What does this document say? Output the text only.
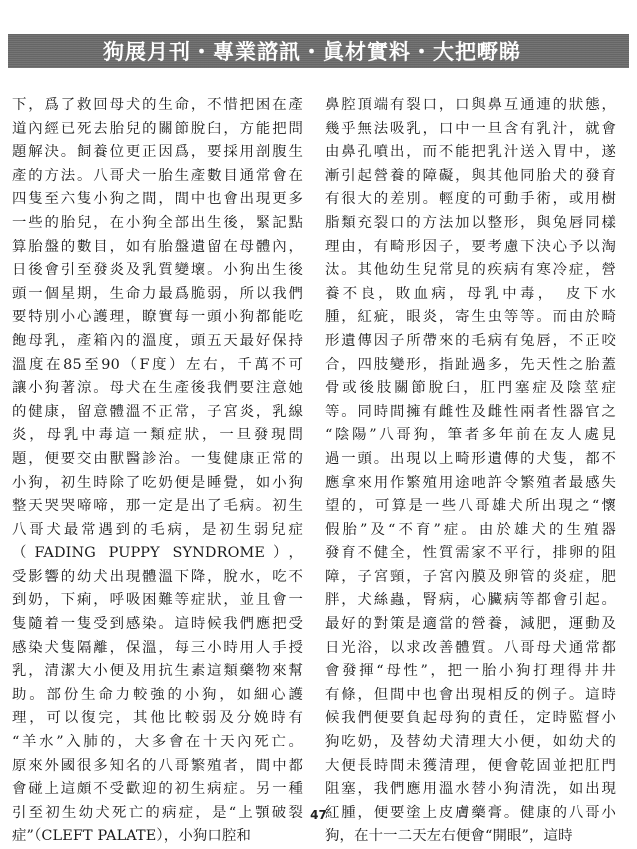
狗展月刊・專業諮訊・眞材實料・大把嘢睇
下，爲了救回母犬的生命，不惜把困在產
道內經已死去胎兒的關節脫臼，方能把問
題解決。飼養位更正因爲，要採用剖腹生
產的方法。八哥犬一胎生產數目通常會在
四隻至六隻小狗之間，間中也會出現更多
一些的胎兒，在小狗全部出生後，緊記點
算胎盤的數目，如有胎盤遺留在母體內，
日後會引至發炎及乳質變壞。小狗出生後
頭一個星期，生命力最爲脆弱，所以我們
要特別小心護理，瞭實每一頭小狗都能吃
飽母乳，產箱內的溫度，頭五天最好保持
溫度在85至90（F度）左右，千萬不可
讓小狗著涼。母犬在生產後我們要注意她
的健康，留意體溫不正常，子宮炎，乳線
炎，母乳中毒這一類症狀，一旦發現問
題，便要交由獸醫診治。一隻健康正常的
小狗，初生時除了吃奶便是睡覺，如小狗
整天哭哭啼啼，那一定是出了毛病。初生
八哥犬最常遇到的毛病，是初生弱兒症
（FADING PUPPY SYNDROME），
受影響的幼犬出現體溫下降，脫水，吃不
到奶，下痢，呼吸困難等症狀，並且會一
隻隨着一隻受到感染。這時候我們應把受
感染犬隻隔離，保溫，每三小時用人手授
乳，清潔大小便及用抗生素這類藥物來幫
助。部份生命力較強的小狗，如細心護
理，可以復完，其他比較弱及分娩時有
“羊水”入肺的，大多會在十天內死亡。
原來外國很多知名的八哥繁殖者，間中都
會碰上這頗不受歡迎的初生病症。另一種
引至初生幼犬死亡的病症，是“上顎破裂
症”（CLEFT PALATE），小狗口腔和
鼻腔頂端有裂口，口與鼻互通連的狀態，
幾乎無法吸乳，口中一旦含有乳汁，就會
由鼻孔噴出，而不能把乳汁送入胃中，遂
漸引起營養的障礙，與其他同胎犬的發育
有很大的差別。輕度的可動手術，或用樹
脂類充裂口的方法加以整形，與兔唇同樣
理由，有畸形因子，要考慮下決心予以淘
汰。其他幼生兒常見的疾病有寒冷症，營
養不良，敗血病，母乳中毒，　皮下水
腫，紅疵，眼炎，寄生虫等等。而由於畸
形遺傳因子所帶來的毛病有兔唇，不正咬
合，四肢變形，指趾過多，先天性之胎蓋
骨或後肢關節脫臼，肛門塞症及陰莖症
等。同時間擁有雌性及雌性兩者性器官之
“陰陽”八哥狗，筆者多年前在友人處見
過一頭。出現以上畸形遺傳的犬隻，都不
應拿來用作繁殖用途吔許令繁殖者最感失
望的，可算是一些八哥雄犬所出現之“懷
假胎”及“不育”症。由於雄犬的生殖器
發育不健全，性質需家不平行，排卵的阻
障，子宮頸，子宮內膜及卵管的炎症，肥
胖，犬絲蟲，腎病，心臟病等都會引起。
最好的對策是適當的營養，減肥，運動及
日光浴，以求改善體質。八哥母犬通常都
會發揮“母性”，把一胎小狗打理得井井
有條，但間中也會出現相反的例子。這時
候我們便要負起母狗的責任，定時監督小
狗吃奶，及替幼犬清理大小便，如幼犬的
大便長時間未獲清理，便會乾固並把肛門
阻塞，我們應用溫水替小狗清洗，如出現
紅腫，便要塗上皮膚藥膏。健康的八哥小
狗，在十一二天左右便會“開眼”，這時
47
